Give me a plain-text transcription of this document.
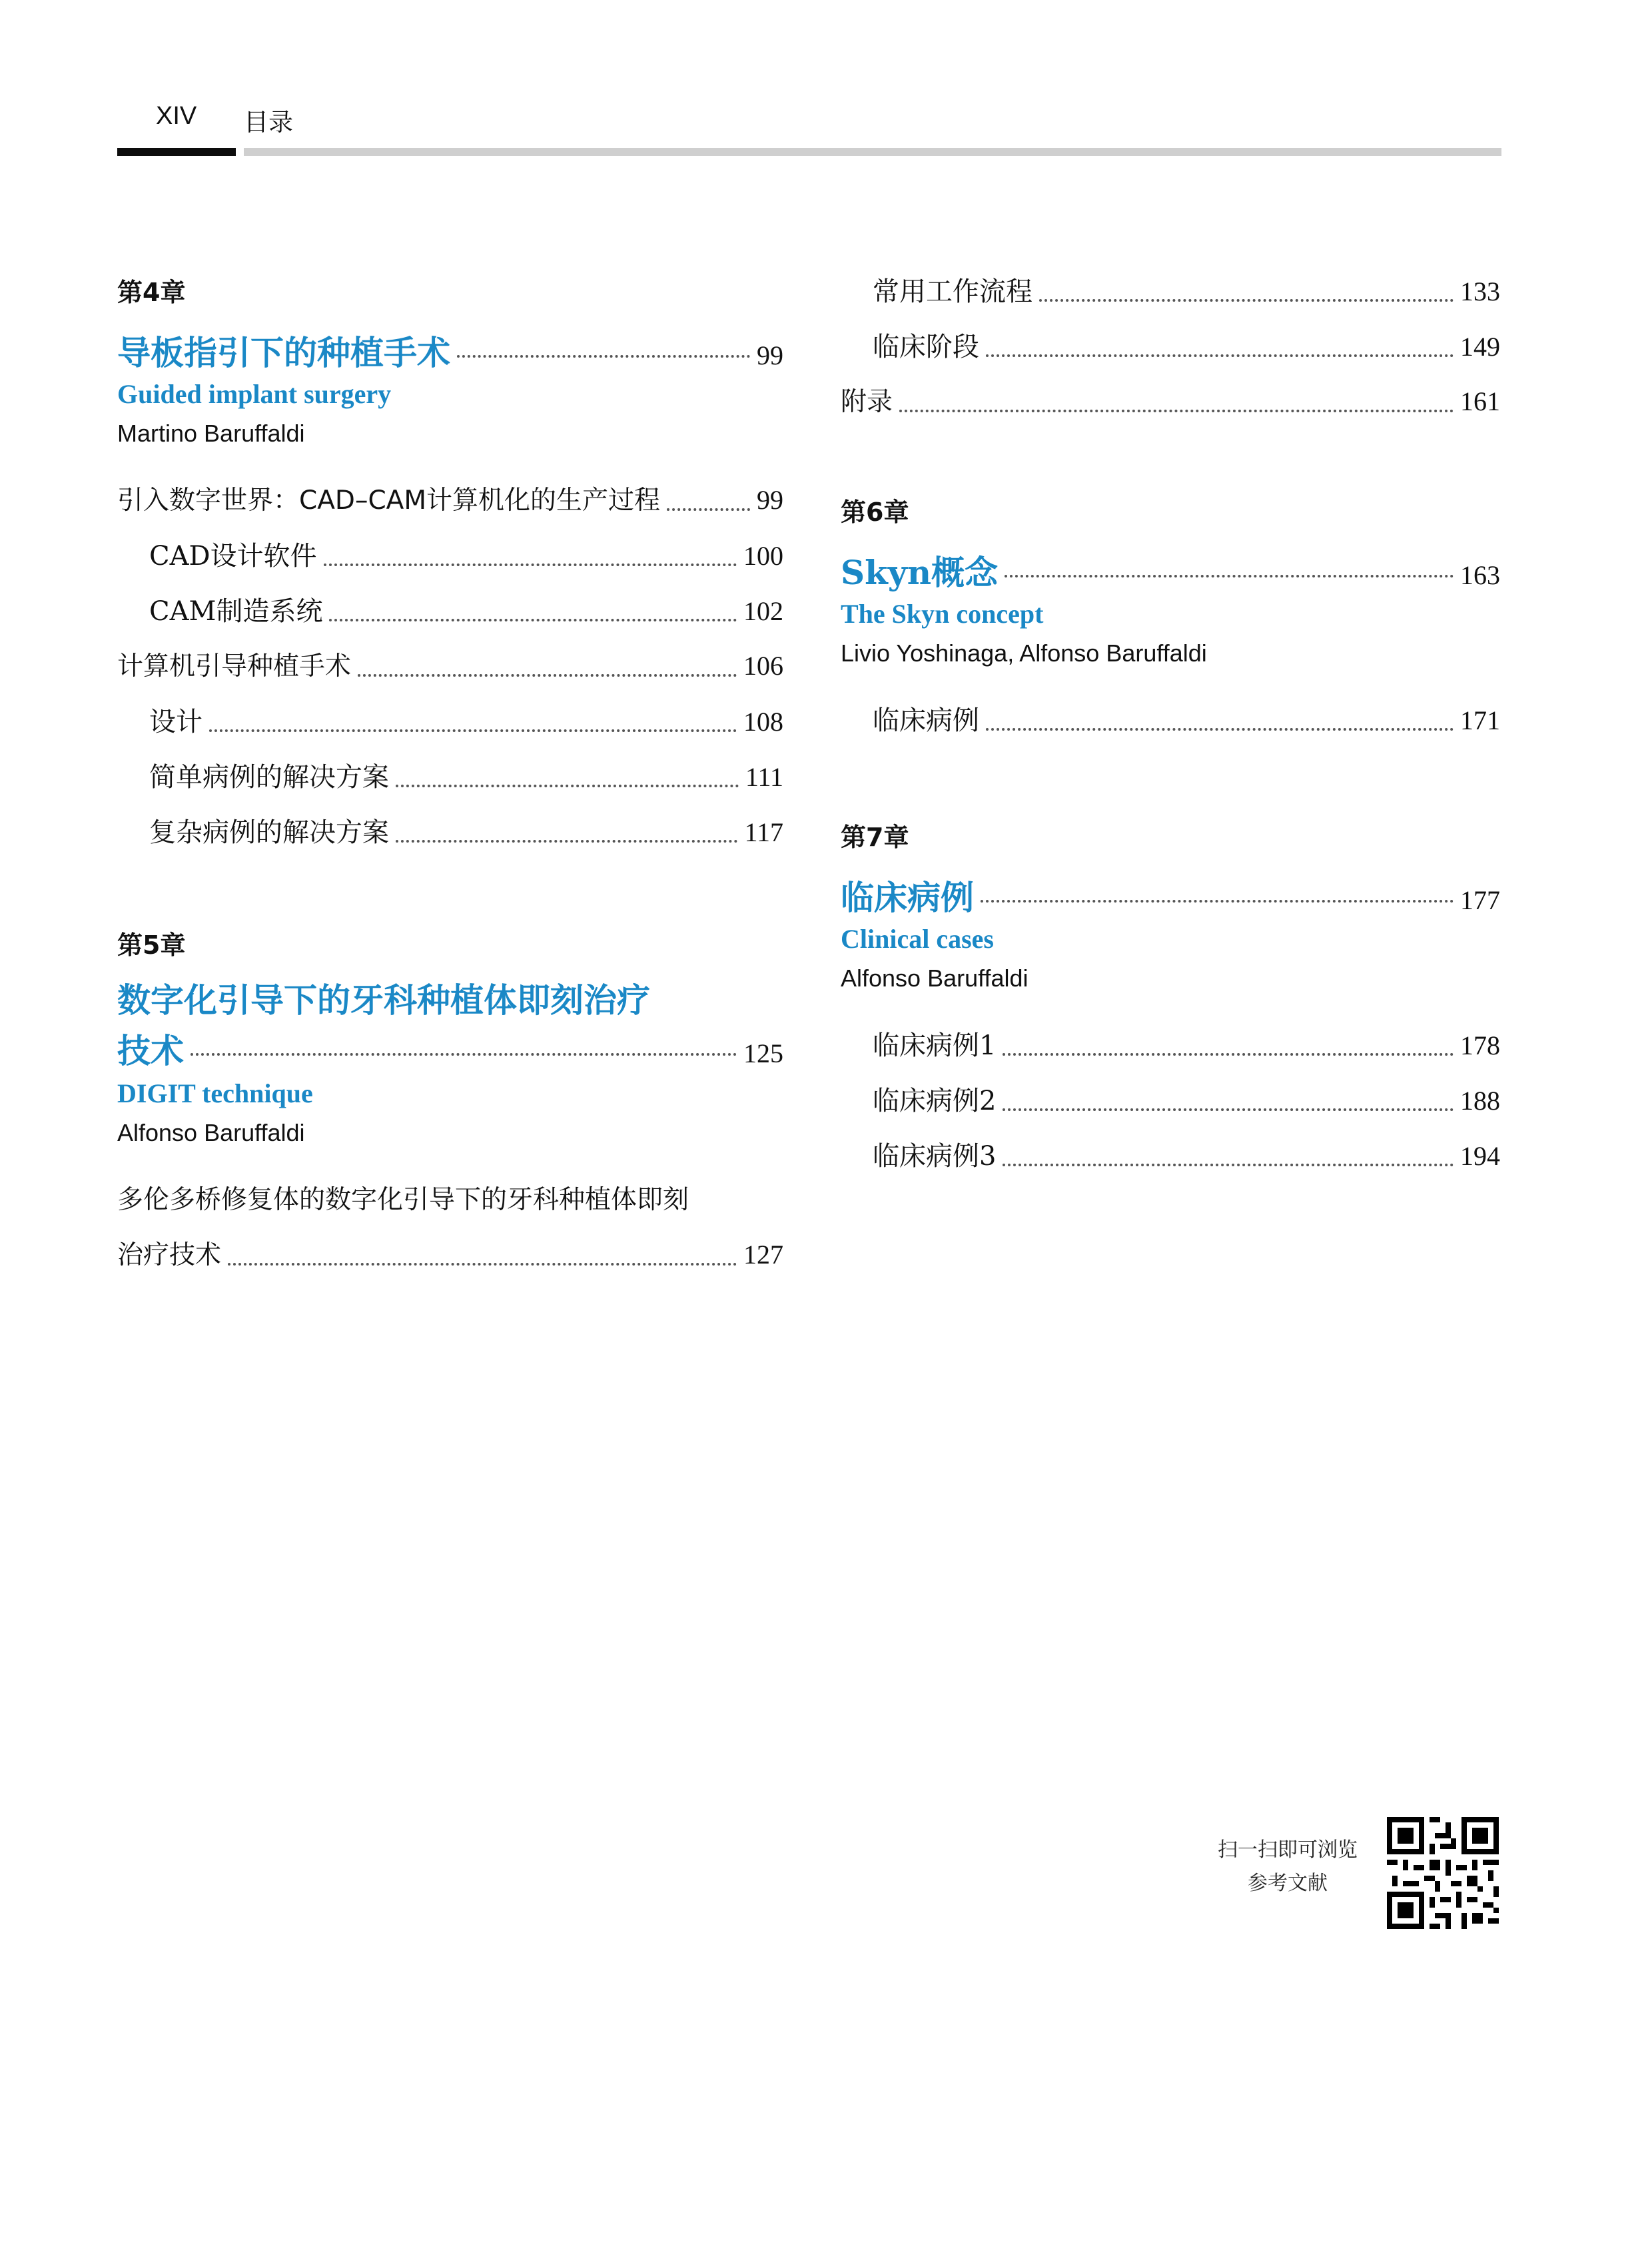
XIV 目录
第4章
导板指引下的种植手术	99
Guided implant surgery
Martino Baruffaldi
引入数字世界：CAD–CAM计算机化的生产过程	99
CAD设计软件	100
CAM制造系统	102
计算机引导种植手术	106
设计	108
简单病例的解决方案	111
复杂病例的解决方案	117
第5章
数字化引导下的牙科种植体即刻治疗
技术	125
DIGIT technique
Alfonso Baruffaldi
多伦多桥修复体的数字化引导下的牙科种植体即刻
治疗技术	127
常用工作流程	133
临床阶段	149
附录	161
第6章
Skyn概念	163
The Skyn concept
Livio Yoshinaga, Alfonso Baruffaldi
临床病例	171
第7章
临床病例	177
Clinical cases
Alfonso Baruffaldi
临床病例1	178
临床病例2	188
临床病例3	194
扫一扫即可浏览
参考文献
